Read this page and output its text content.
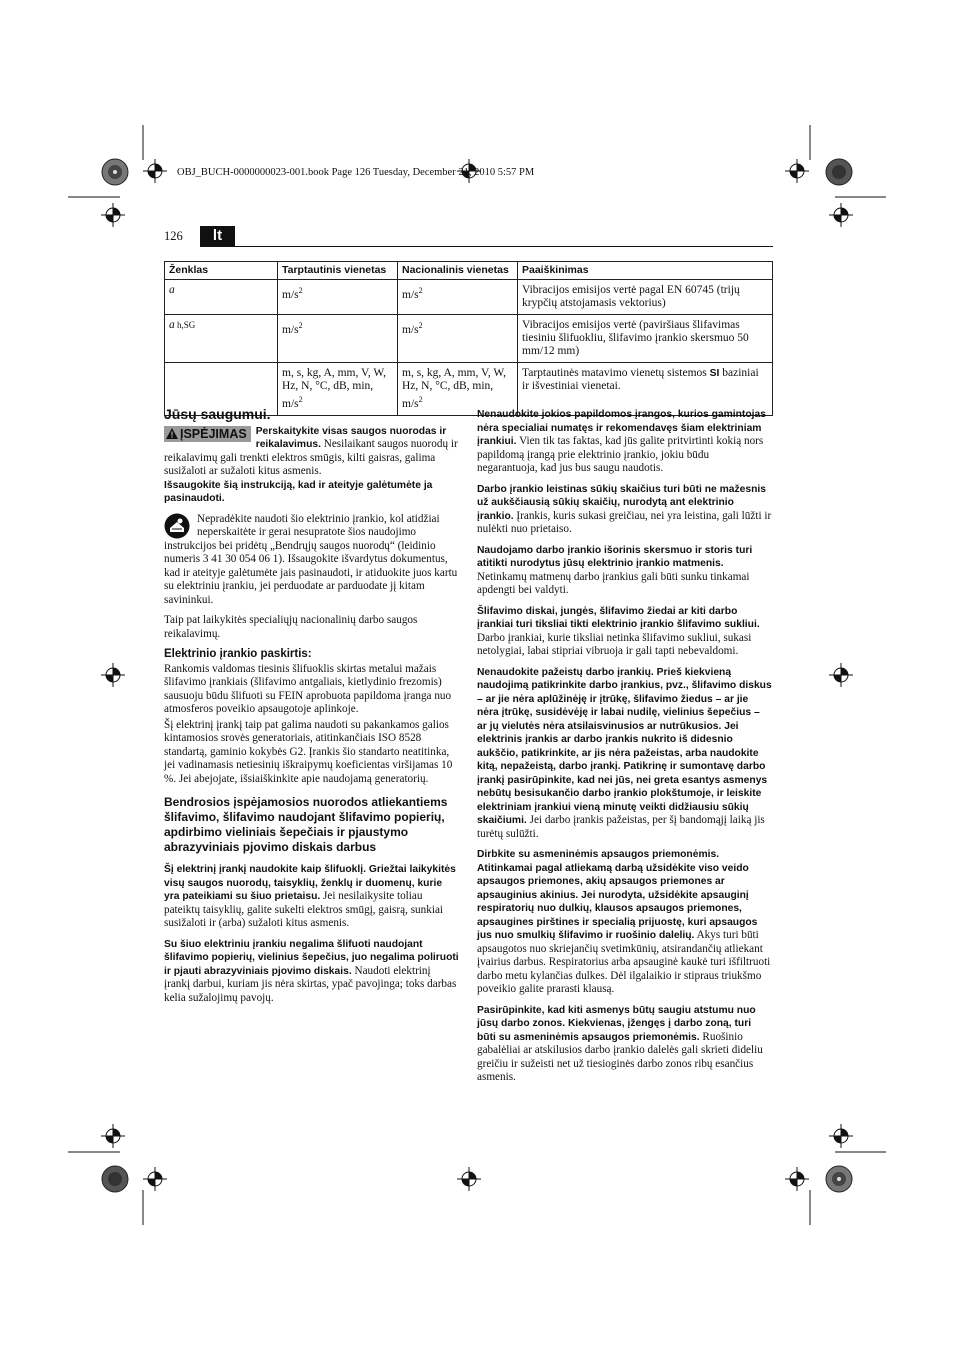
OBJ_BUCH-0000000023-001.book Page 126 Tuesday, December 21, 2010 5:57 PM
126	lt
Ženklas	Tarptautinis vienetas	Nacionalinis vienetas	Paaiškinimas
a	$m/s^2$	$m/s^2$	Vibracijos emisijos vertė pagal EN 60745 (trijų krypčių atstojamasis vektorius)
a h,SG	$m/s^2$	$m/s^2$	Vibracijos emisijos vertė (paviršiaus šlifavimas tiesiniu šlifuokliu, šlifavimo įrankio skersmuo 50 mm/12 mm)
	m, s, kg, A, mm, V, W, Hz, N, °C, dB, min, $m/s^2$	m, s, kg, A, mm, V, W, Hz, N, °C, dB, min, $m/s^2$	Tarptautinės matavimo vienetų sistemos SI baziniai ir išvestiniai vienetai.
Jūsų saugumui.
ĮSPĖJIMAS Perskaitykite visas saugos nuorodas ir reikalavimus. Nesilaikant saugos nuorodų ir reikalavimų gali trenkti elektros smūgis, kilti gaisras, galima susižaloti ar sužaloti kitus asmenis.

Išsaugokite šią instrukciją, kad ir ateityje galėtumėte ja pasinaudoti.

Nepradėkite naudoti šio elektrinio įrankio, kol atidžiai neperskaitėte ir gerai nesupratote šios naudojimo instrukcijos bei pridėtų „Bendrųjų saugos nuorodų“ (leidinio numeris 3 41 30 054 06 1). Išsaugokite išvardytus dokumentus, kad ir ateityje galėtumėte jais pasinaudoti, ir atiduokite juos kartu su elektriniu įrankiu, jei perduodate ar parduodate jį kitam savininkui.

Taip pat laikykitės specialiųjų nacionalinių darbo saugos reikalavimų.

Elektrinio įrankio paskirtis:

Rankomis valdomas tiesinis šlifuoklis skirtas metalui mažais šlifavimo įrankiais (šlifavimo antgaliais, kietlydinio frezomis) sausuoju būdu šlifuoti su FEIN aprobuota papildoma įranga nuo atmosferos poveikio apsaugotoje aplinkoje.

Šį elektrinį įrankį taip pat galima naudoti su pakankamos galios kintamosios srovės generatoriais, atitinkančiais ISO 8528 standartą, gaminio kokybės G2. Įrankis šio standarto neatitinka, jei vadinamasis netiesinių iškraipymų koeficientas viršijamas 10 %. Jei abejojate, išsiaiškinkite apie naudojamą generatorių.

Bendrosios įspėjamosios nuorodos atliekantiems šlifavimo, šlifavimo naudojant šlifavimo popierių, apdirbimo vieliniais šepečiais ir pjaustymo abrazyviniais pjovimo diskais darbus

Šį elektrinį įrankį naudokite kaip šlifuoklį. Griežtai laikykitės visų saugos nuorodų, taisyklių, ženklų ir duomenų, kurie yra pateikiami su šiuo prietaisu. Jei nesilaikysite toliau pateiktų taisyklių, galite sukelti elektros smūgį, gaisrą, sunkiai susižaloti ir (arba) sužaloti kitus asmenis.

Su šiuo elektriniu įrankiu negalima šlifuoti naudojant šlifavimo popierių, vielinius šepečius, juo negalima poliruoti ir pjauti abrazyviniais pjovimo diskais. Naudoti elektrinį įrankį darbui, kuriam jis nėra skirtas, ypač pavojinga; toks darbas kelia sužalojimų pavojų.

Nenaudokite jokios papildomos įrangos, kurios gamintojas nėra specialiai numatęs ir rekomendavęs šiam elektriniam įrankiui. Vien tik tas faktas, kad jūs galite pritvirtinti kokią nors papildomą įrangą prie elektrinio įrankio, jokiu būdu negarantuoja, kad jus bus saugu naudotis.

Darbo įrankio leistinas sūkių skaičius turi būti ne mažesnis už aukščiausią sūkių skaičių, nurodytą ant elektrinio įrankio. Įrankis, kuris sukasi greičiau, nei yra leistina, gali lūžti ir nulėkti nuo prietaiso.

Naudojamo darbo įrankio išorinis skersmuo ir storis turi atitikti nurodytus jūsų elektrinio įrankio matmenis. Netinkamų matmenų darbo įrankius gali būti sunku tinkamai apdengti bei valdyti.

Šlifavimo diskai, jungės, šlifavimo žiedai ar kiti darbo įrankiai turi tiksliai tikti elektrinio įrankio šlifavimo sukliui. Darbo įrankiai, kurie tiksliai netinka šlifavimo sukliui, sukasi netolygiai, labai stipriai vibruoja ir gali tapti nebevaldomi.

Nenaudokite pažeistų darbo įrankių. Prieš kiekvieną naudojimą patikrinkite darbo įrankius, pvz., šlifavimo diskus – ar jie nėra aplūžinėję ir įtrūkę, šlifavimo žiedus – ar jie nėra įtrūkę, susidėvėję ir labai nudilę, vielinius šepečius – ar jų vielutės nėra atsilaisvinusios ar nutrūkusios. Jei elektrinis įrankis ar darbo įrankis nukrito iš didesnio aukščio, patikrinkite, ar jis nėra pažeistas, arba naudokite kitą, nepažeistą, darbo įrankį. Patikrinę ir sumontavę darbo įrankį pasirūpinkite, kad nei jūs, nei greta esantys asmenys nebūtų besisukančio darbo įrankio plokštumoje, ir leiskite elektriniam įrankiui vieną minutę veikti didžiausiu sūkių skaičiumi. Jei darbo įrankis pažeistas, per šį bandomąjį laiką jis turėtų sulūžti.

Dirbkite su asmeninėmis apsaugos priemonėmis. Atitinkamai pagal atliekamą darbą užsidėkite viso veido apsaugos priemones, akių apsaugos priemones ar apsauginius akinius. Jei nurodyta, užsidėkite apsauginį respiratorių nuo dulkių, klausos apsaugos priemones, apsaugines pirštines ir specialią prijuostę, kuri apsaugos jus nuo smulkių šlifavimo ir ruošinio dalelių. Akys turi būti apsaugotos nuo skriejančių svetimkūnių, atsirandančių atliekant įvairius darbus. Respiratorius arba apsauginė kaukė turi išfiltruoti darbo metu kylančias dulkes. Dėl ilgalaikio ir stipraus triukšmo poveikio galite prarasti klausą.

Pasirūpinkite, kad kiti asmenys būtų saugiu atstumu nuo jūsų darbo zonos. Kiekvienas, įžengęs į darbo zoną, turi būti su asmeninėmis apsaugos priemonėmis. Ruošinio gabalėliai ar atskilusios darbo įrankio dalelės gali skrieti dideliu greičiu ir sužeisti net už tiesioginės darbo zonos ribų esančius asmenis.
